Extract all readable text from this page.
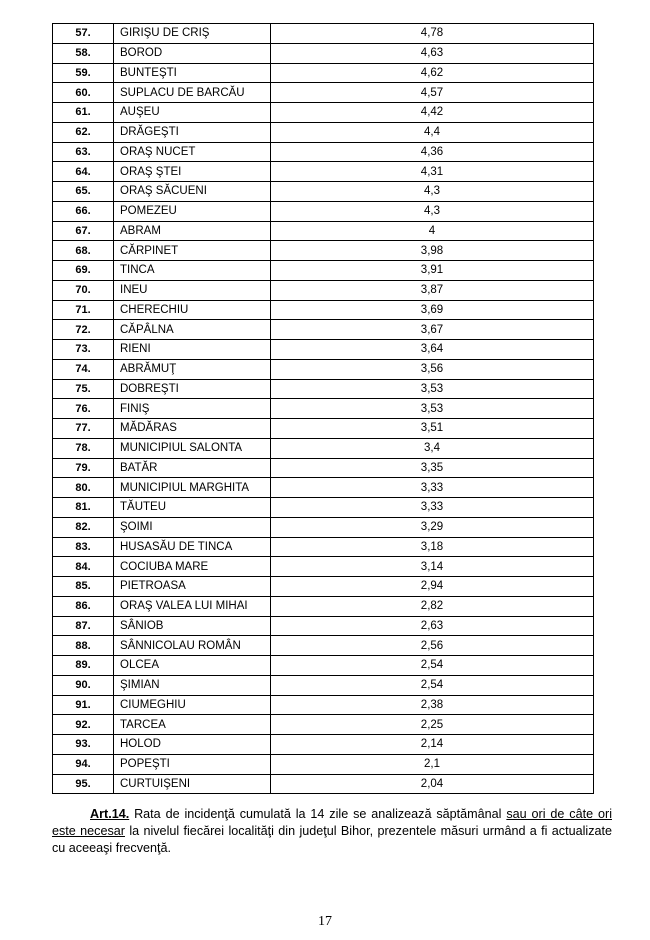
57.	GIRIŞU DE CRIŞ	4,78
58.	BOROD	4,63
59.	BUNTEŞTI	4,62
60.	SUPLACU DE BARCĂU	4,57
61.	AUŞEU	4,42
62.	DRĂGEŞTI	4,4
63.	ORAŞ NUCET	4,36
64.	ORAŞ ŞTEI	4,31
65.	ORAŞ SĂCUENI	4,3
66.	POMEZEU	4,3
67.	ABRAM	4
68.	CĂRPINET	3,98
69.	TINCA	3,91
70.	INEU	3,87
71.	CHERECHIU	3,69
72.	CĂPÂLNA	3,67
73.	RIENI	3,64
74.	ABRĂMUŢ	3,56
75.	DOBREŞTI	3,53
76.	FINIŞ	3,53
77.	MĂDĂRAS	3,51
78.	MUNICIPIUL SALONTA	3,4
79.	BATĂR	3,35
80.	MUNICIPIUL MARGHITA	3,33
81.	TĂUTEU	3,33
82.	ŞOIMI	3,29
83.	HUSASĂU DE TINCA	3,18
84.	COCIUBA MARE	3,14
85.	PIETROASA	2,94
86.	ORAŞ VALEA LUI MIHAI	2,82
87.	SÂNIOB	2,63
88.	SÂNNICOLAU ROMÂN	2,56
89.	OLCEA	2,54
90.	ŞIMIAN	2,54
91.	CIUMEGHIU	2,38
92.	TARCEA	2,25
93.	HOLOD	2,14
94.	POPEŞTI	2,1
95.	CURTUIŞENI	2,04
Art.14. Rata de incidenţă cumulată la 14 zile se analizează săptămânal sau ori de câte ori este necesar la nivelul fiecărei localităţi din judeţul Bihor, prezentele măsuri urmând a fi actualizate cu aceeaşi frecvenţă.
17
